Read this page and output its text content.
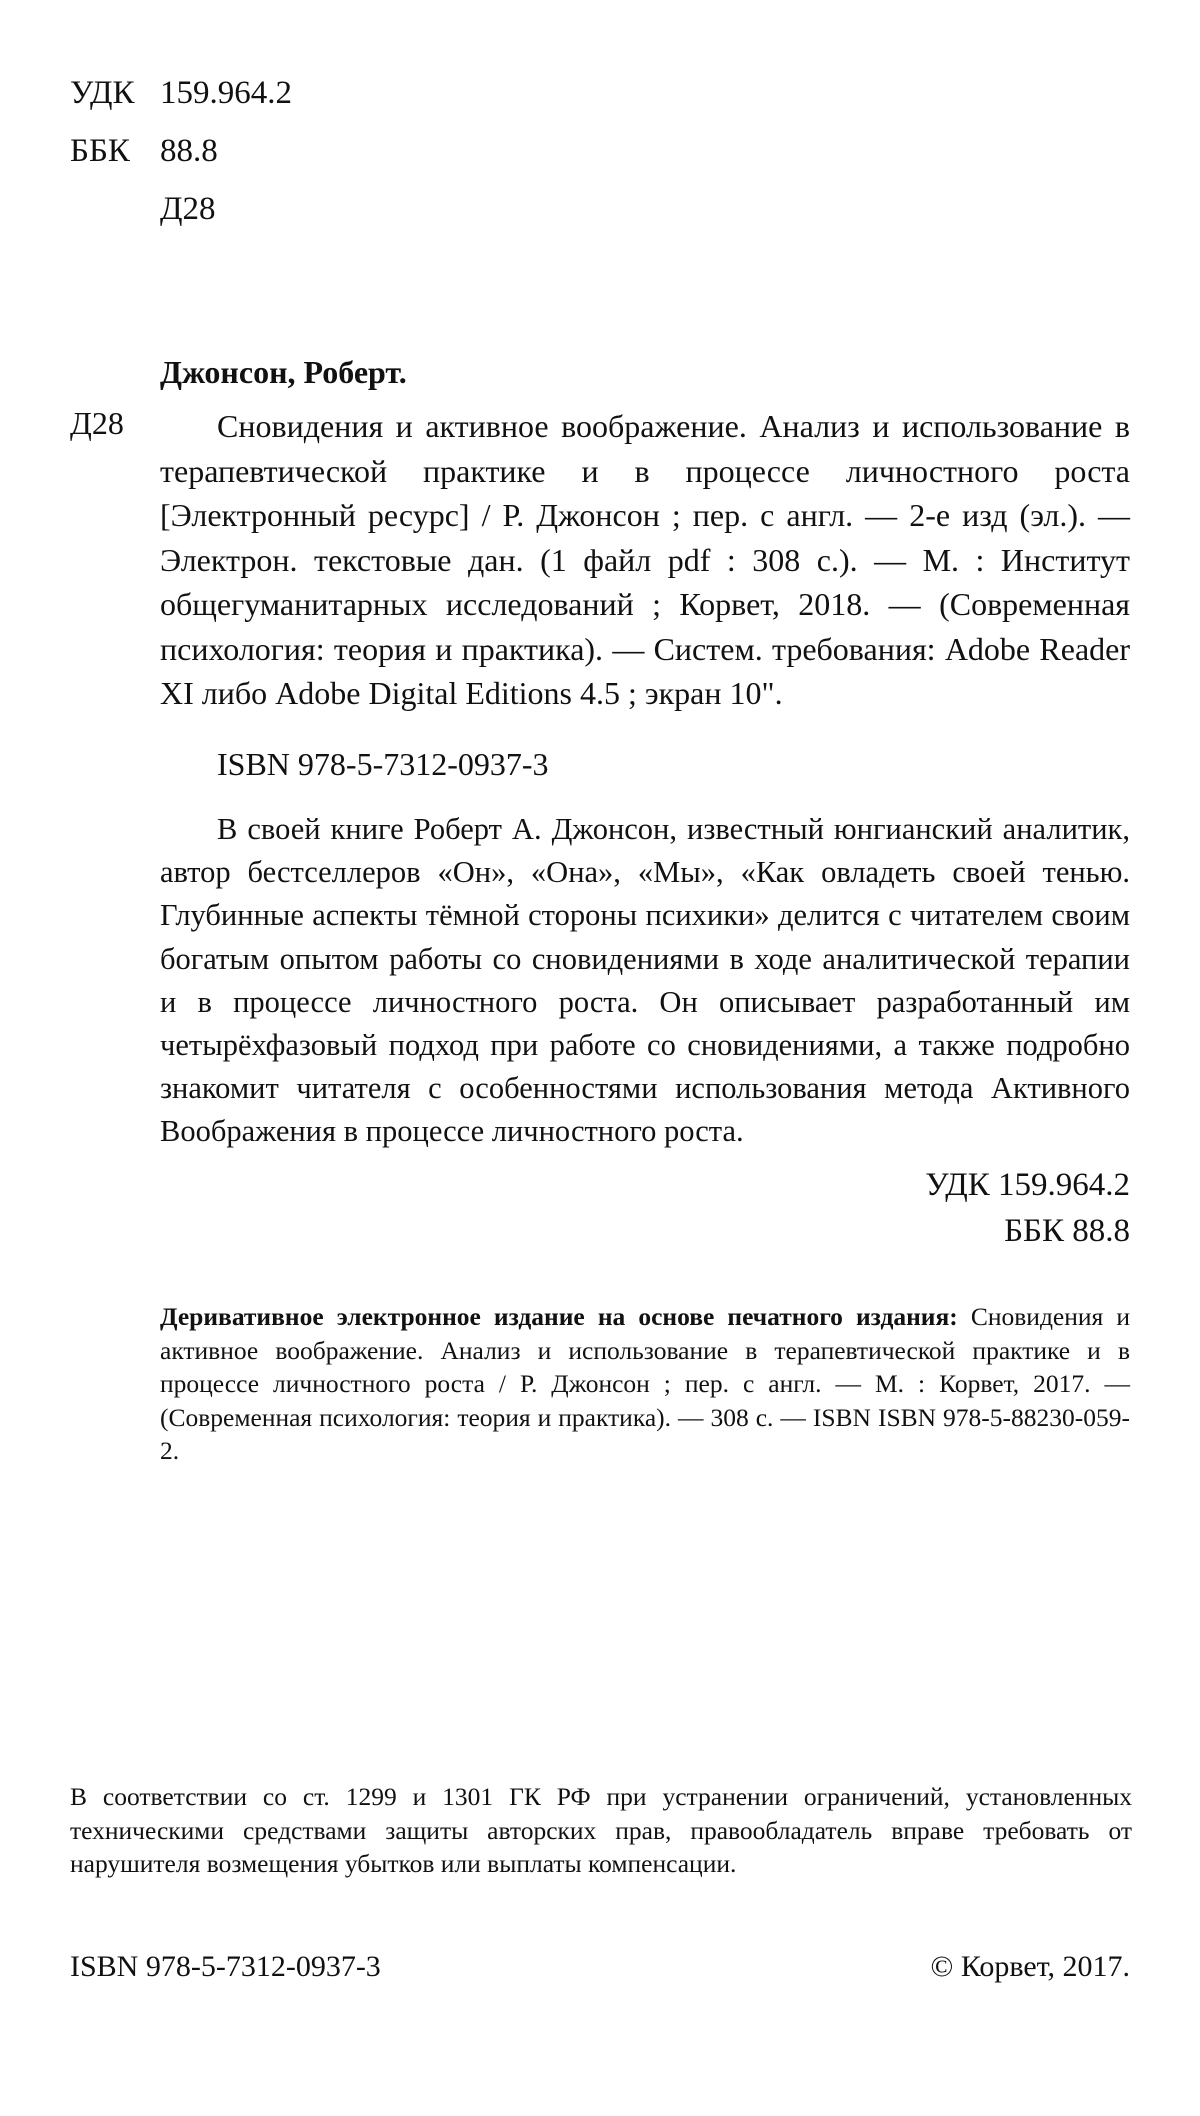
УДК 159.964.2
ББК 88.8
Д28
Джонсон, Роберт.
Д28	Сновидения и активное воображение. Анализ и использование в терапевтической практике и в процессе личностного роста [Электронный ресурс] / Р. Джонсон ; пер. с англ. — 2-е изд (эл.). — Электрон. текстовые дан. (1 файл pdf : 308 с.). — М. : Институт общегуманитарных исследований ; Корвет, 2018. — (Современная психология: теория и практика). — Систем. требования: Adobe Reader XI либо Adobe Digital Editions 4.5 ; экран 10".

ISBN 978-5-7312-0937-3

В своей книге Роберт А. Джонсон, известный юнгианский аналитик, автор бестселлеров «Он», «Она», «Мы», «Как овладеть своей тенью. Глубинные аспекты тёмной стороны психики» делится с читателем своим богатым опытом работы со сновидениями в ходе аналитической терапии и в процессе личностного роста. Он описывает разработанный им четырёхфазовый подход при работе со сновидениями, а также подробно знакомит читателя с особенностями использования метода Активного Воображения в процессе личностного роста.

УДК 159.964.2
ББК 88.8

Деривативное электронное издание на основе печатного издания: Сновидения и активное воображение. Анализ и использование в терапевтической практике и в процессе личностного роста / Р. Джонсон ; пер. с англ. — М. : Корвет, 2017. — (Современная психология: теория и практика). — 308 с. — ISBN ISBN 978-5-88230-059-2.

В соответствии со ст. 1299 и 1301 ГК РФ при устранении ограничений, установленных техническими средствами защиты авторских прав, правообладатель вправе требовать от нарушителя возмещения убытков или выплаты компенсации.

ISBN 978-5-7312-0937-3	© Корвет, 2017.
